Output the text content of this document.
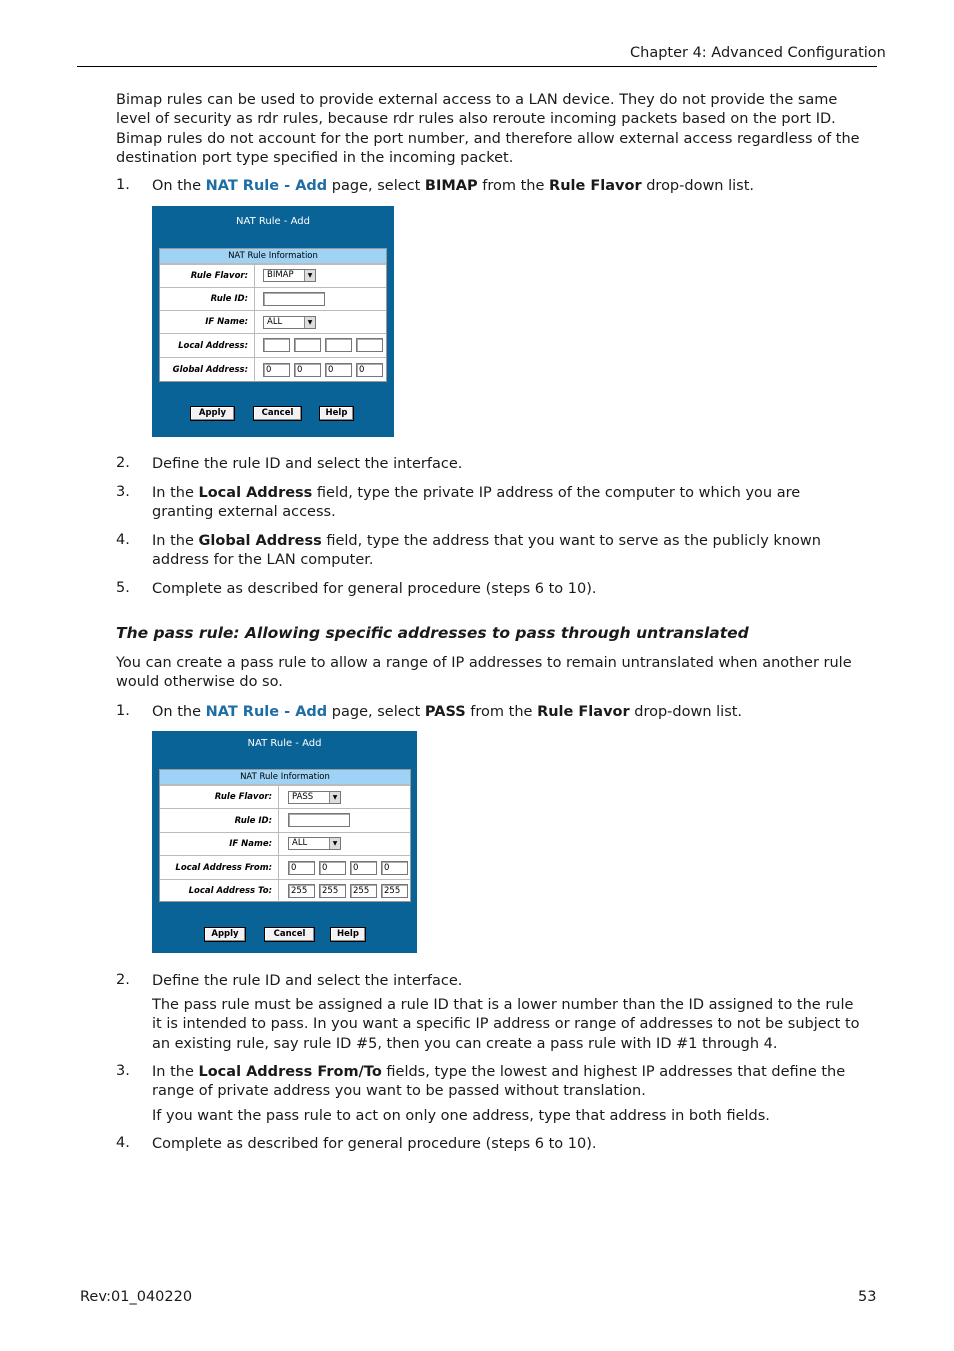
Chapter 4: Advanced Configuration
Bimap rules can be used to provide external access to a LAN device. They do not provide the same level of security as rdr rules, because rdr rules also reroute incoming packets based on the port ID. Bimap rules do not account for the port number, and therefore allow external access regardless of the destination port type specified in the incoming packet.
1. On the NAT Rule - Add page, select BIMAP from the Rule Flavor drop-down list.
NAT Rule - Add
NAT Rule Information
Rule Flavor:	BIMAP	▼
Rule ID:
IF Name:	ALL	▼
Local Address:
Global Address:	0	0	0	0
Apply	Cancel	Help
2. Define the rule ID and select the interface.
3. In the Local Address field, type the private IP address of the computer to which you are granting external access.
4. In the Global Address field, type the address that you want to serve as the publicly known address for the LAN computer.
5. Complete as described for general procedure (steps 6 to 10).
The pass rule: Allowing specific addresses to pass through untranslated
You can create a pass rule to allow a range of IP addresses to remain untranslated when another rule would otherwise do so.
1. On the NAT Rule - Add page, select PASS from the Rule Flavor drop-down list.
NAT Rule - Add
NAT Rule Information
Rule Flavor:	PASS	▼
Rule ID:
IF Name:	ALL	▼
Local Address From:	0	0	0	0
Local Address To:	255	255	255	255
Apply	Cancel	Help
2. Define the rule ID and select the interface.
The pass rule must be assigned a rule ID that is a lower number than the ID assigned to the rule it is intended to pass. In you want a specific IP address or range of addresses to not be subject to an existing rule, say rule ID #5, then you can create a pass rule with ID #1 through 4.
3. In the Local Address From/To fields, type the lowest and highest IP addresses that define the range of private address you want to be passed without translation.
If you want the pass rule to act on only one address, type that address in both fields.
4. Complete as described for general procedure (steps 6 to 10).
Rev:01_040220	53
